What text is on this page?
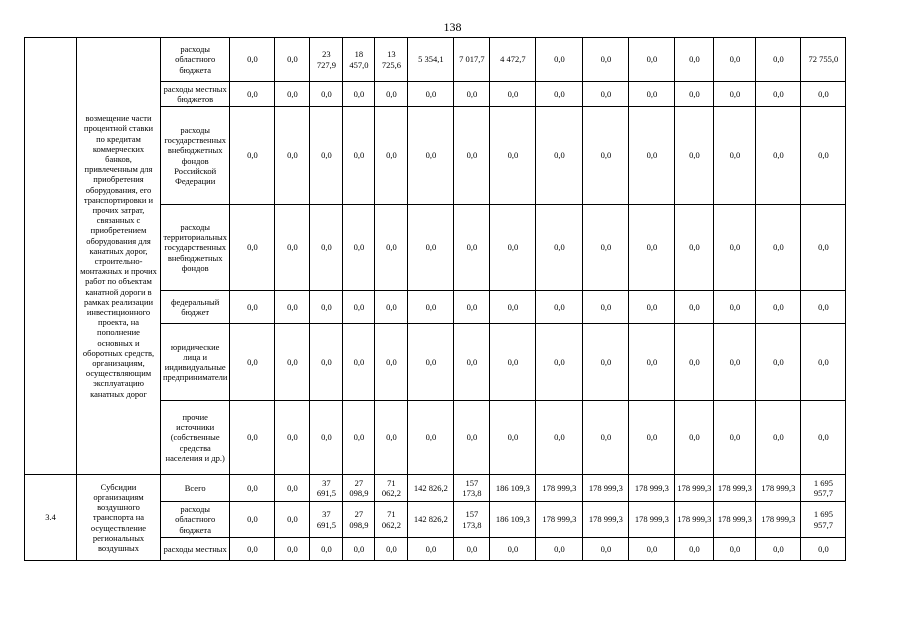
138
	возмещение части процентной ставки по кредитам коммерческих банков, привлеченным для приобретения оборудования, его транспортировки и прочих затрат, связанных с приобретением оборудования для канатных дорог, строительно-монтажных и прочих работ по объектам канатной дороги в рамках реализации инвестиционного проекта, на пополнение основных и оборотных средств, организациям, осуществляющим эксплуатацию канатных дорог	расходы областного бюджета	0,0	0,0	23 727,9	18 457,0	13 725,6	5 354,1	7 017,7	4 472,7	0,0	0,0	0,0	0,0	0,0	0,0	72 755,0
		расходы местных бюджетов	0,0	0,0	0,0	0,0	0,0	0,0	0,0	0,0	0,0	0,0	0,0	0,0	0,0	0,0	0,0
		расходы государственных внебюджетных фондов Российской Федерации	0,0	0,0	0,0	0,0	0,0	0,0	0,0	0,0	0,0	0,0	0,0	0,0	0,0	0,0	0,0
		расходы территориальных государственных внебюджетных фондов	0,0	0,0	0,0	0,0	0,0	0,0	0,0	0,0	0,0	0,0	0,0	0,0	0,0	0,0	0,0
		федеральный бюджет	0,0	0,0	0,0	0,0	0,0	0,0	0,0	0,0	0,0	0,0	0,0	0,0	0,0	0,0	0,0
		юридические лица и индивидуальные предприниматели	0,0	0,0	0,0	0,0	0,0	0,0	0,0	0,0	0,0	0,0	0,0	0,0	0,0	0,0	0,0
		прочие источники (собственные средства населения и др.)	0,0	0,0	0,0	0,0	0,0	0,0	0,0	0,0	0,0	0,0	0,0	0,0	0,0	0,0	0,0
3.4	Субсидии организациям воздушного транспорта на осуществление региональных воздушных	Всего	0,0	0,0	37 691,5	27 098,9	71 062,2	142 826,2	157 173,8	186 109,3	178 999,3	178 999,3	178 999,3	178 999,3	178 999,3	178 999,3	1 695 957,7
		расходы областного бюджета	0,0	0,0	37 691,5	27 098,9	71 062,2	142 826,2	157 173,8	186 109,3	178 999,3	178 999,3	178 999,3	178 999,3	178 999,3	178 999,3	1 695 957,7
		расходы местных	0,0	0,0	0,0	0,0	0,0	0,0	0,0	0,0	0,0	0,0	0,0	0,0	0,0	0,0	0,0
